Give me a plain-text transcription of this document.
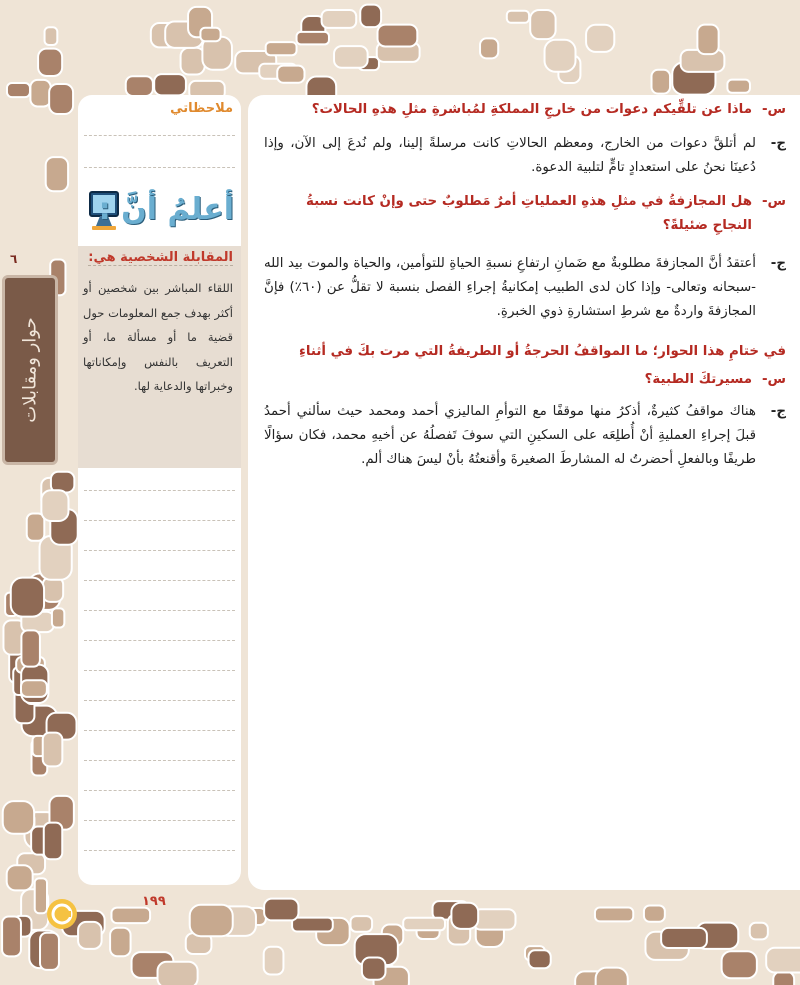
٦
حوار ومقابلات
ملاحظاتي
أعلمُ أنَّ :
المقابلة الشخصية هي:
اللقاء المباشر بين شخصين أو أكثر بهدف جمع المعلومات حول قضية ما أو مسألة ما، أو التعريف بالنفس وإمكاناتها وخبراتها والدعاية لها.
س-
ماذا عن تلقِّيكم دعوات من خارجِ المملكةِ لمُباشرةِ مثلِ هذهِ الحالات؟
ج-
لم أتلقَّ دعوات من الخارج، ومعظم الحالاتِ كانت مرسلةً إلينا، ولم نُدعَ إلى الآن، وإذا دُعينَا نحنُ على استعدادٍ تامٍّ لتلبية الدعوة.
س-
هل المجازفةُ في مثلِ هذهِ العملياتِ أمرٌ مَطلوبٌ حتى وإنْ كانت نسبةُ النجاحِ ضئيلةً؟
ج-
أعتقدُ أنَّ المجازفةَ مطلوبةٌ مع ضَمانِ ارتفاعِ نسبةِ الحياةِ للتوأمين، والحياة والموت بيد الله -سبحانه وتعالى- وإذا كان لدى الطبيب إمكانيةُ إجراءِ الفصل بنسبة لا تقلُّ عن (٦٠٪) فإنَّ المجازفةَ واردةٌ مع شرطِ استشارةِ ذوي الخبرةِ.
في ختامِ هذا الحوار؛ ما المواقفُ الحرجةُ أو الطريفةُ التي مرت بكَ في أثناءِ
س-
مسيرتكَ الطبية؟
ج-
هناك مواقفُ كثيرةٌ، أذكرُ منها موقفًا مع التوأمِ الماليزي أحمد ومحمد حيث سألني أحمدُ قبلَ إجراءِ العمليةِ أنْ أُطلِعَه على السكينِ التي سوفَ تَفصلُهُ عن أخيهِ محمد، فكان سؤالًا طريفًا وبالفعلِ أحضرتُ له المشارطَ الصغيرةَ وأقنعتُهُ بأنْ ليسَ هناك ألم.
١٩٩
